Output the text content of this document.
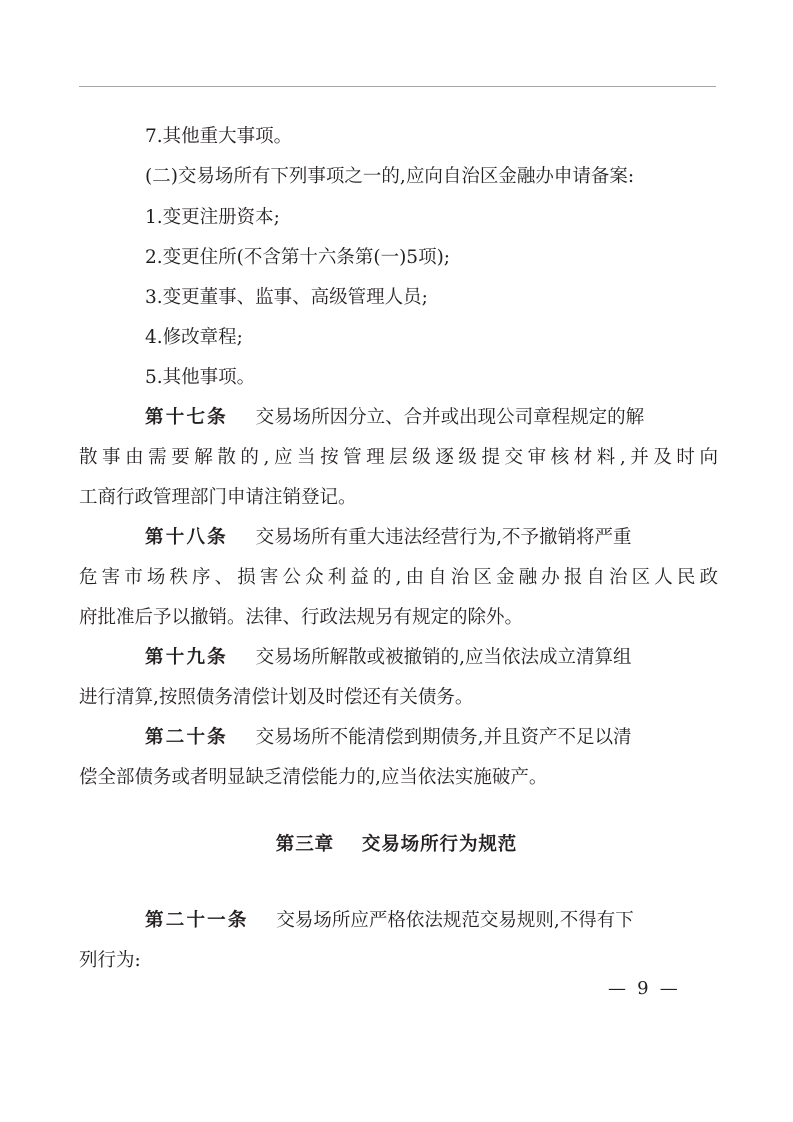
7.其他重大事项。
(二)交易场所有下列事项之一的,应向自治区金融办申请备案:
1.变更注册资本;
2.变更住所(不含第十六条第(一)5项);
3.变更董事、监事、高级管理人员;
4.修改章程;
5.其他事项。
第十七条 交易场所因分立、合并或出现公司章程规定的解
散事由需要解散的,应当按管理层级逐级提交审核材料,并及时向
工商行政管理部门申请注销登记。
第十八条 交易场所有重大违法经营行为,不予撤销将严重
危害市场秩序、损害公众利益的,由自治区金融办报自治区人民政
府批准后予以撤销。法律、行政法规另有规定的除外。
第十九条 交易场所解散或被撤销的,应当依法成立清算组
进行清算,按照债务清偿计划及时偿还有关债务。
第二十条 交易场所不能清偿到期债务,并且资产不足以清
偿全部债务或者明显缺乏清偿能力的,应当依法实施破产。
第三章 交易场所行为规范
第二十一条 交易场所应严格依法规范交易规则,不得有下
列行为:
— 9 —
